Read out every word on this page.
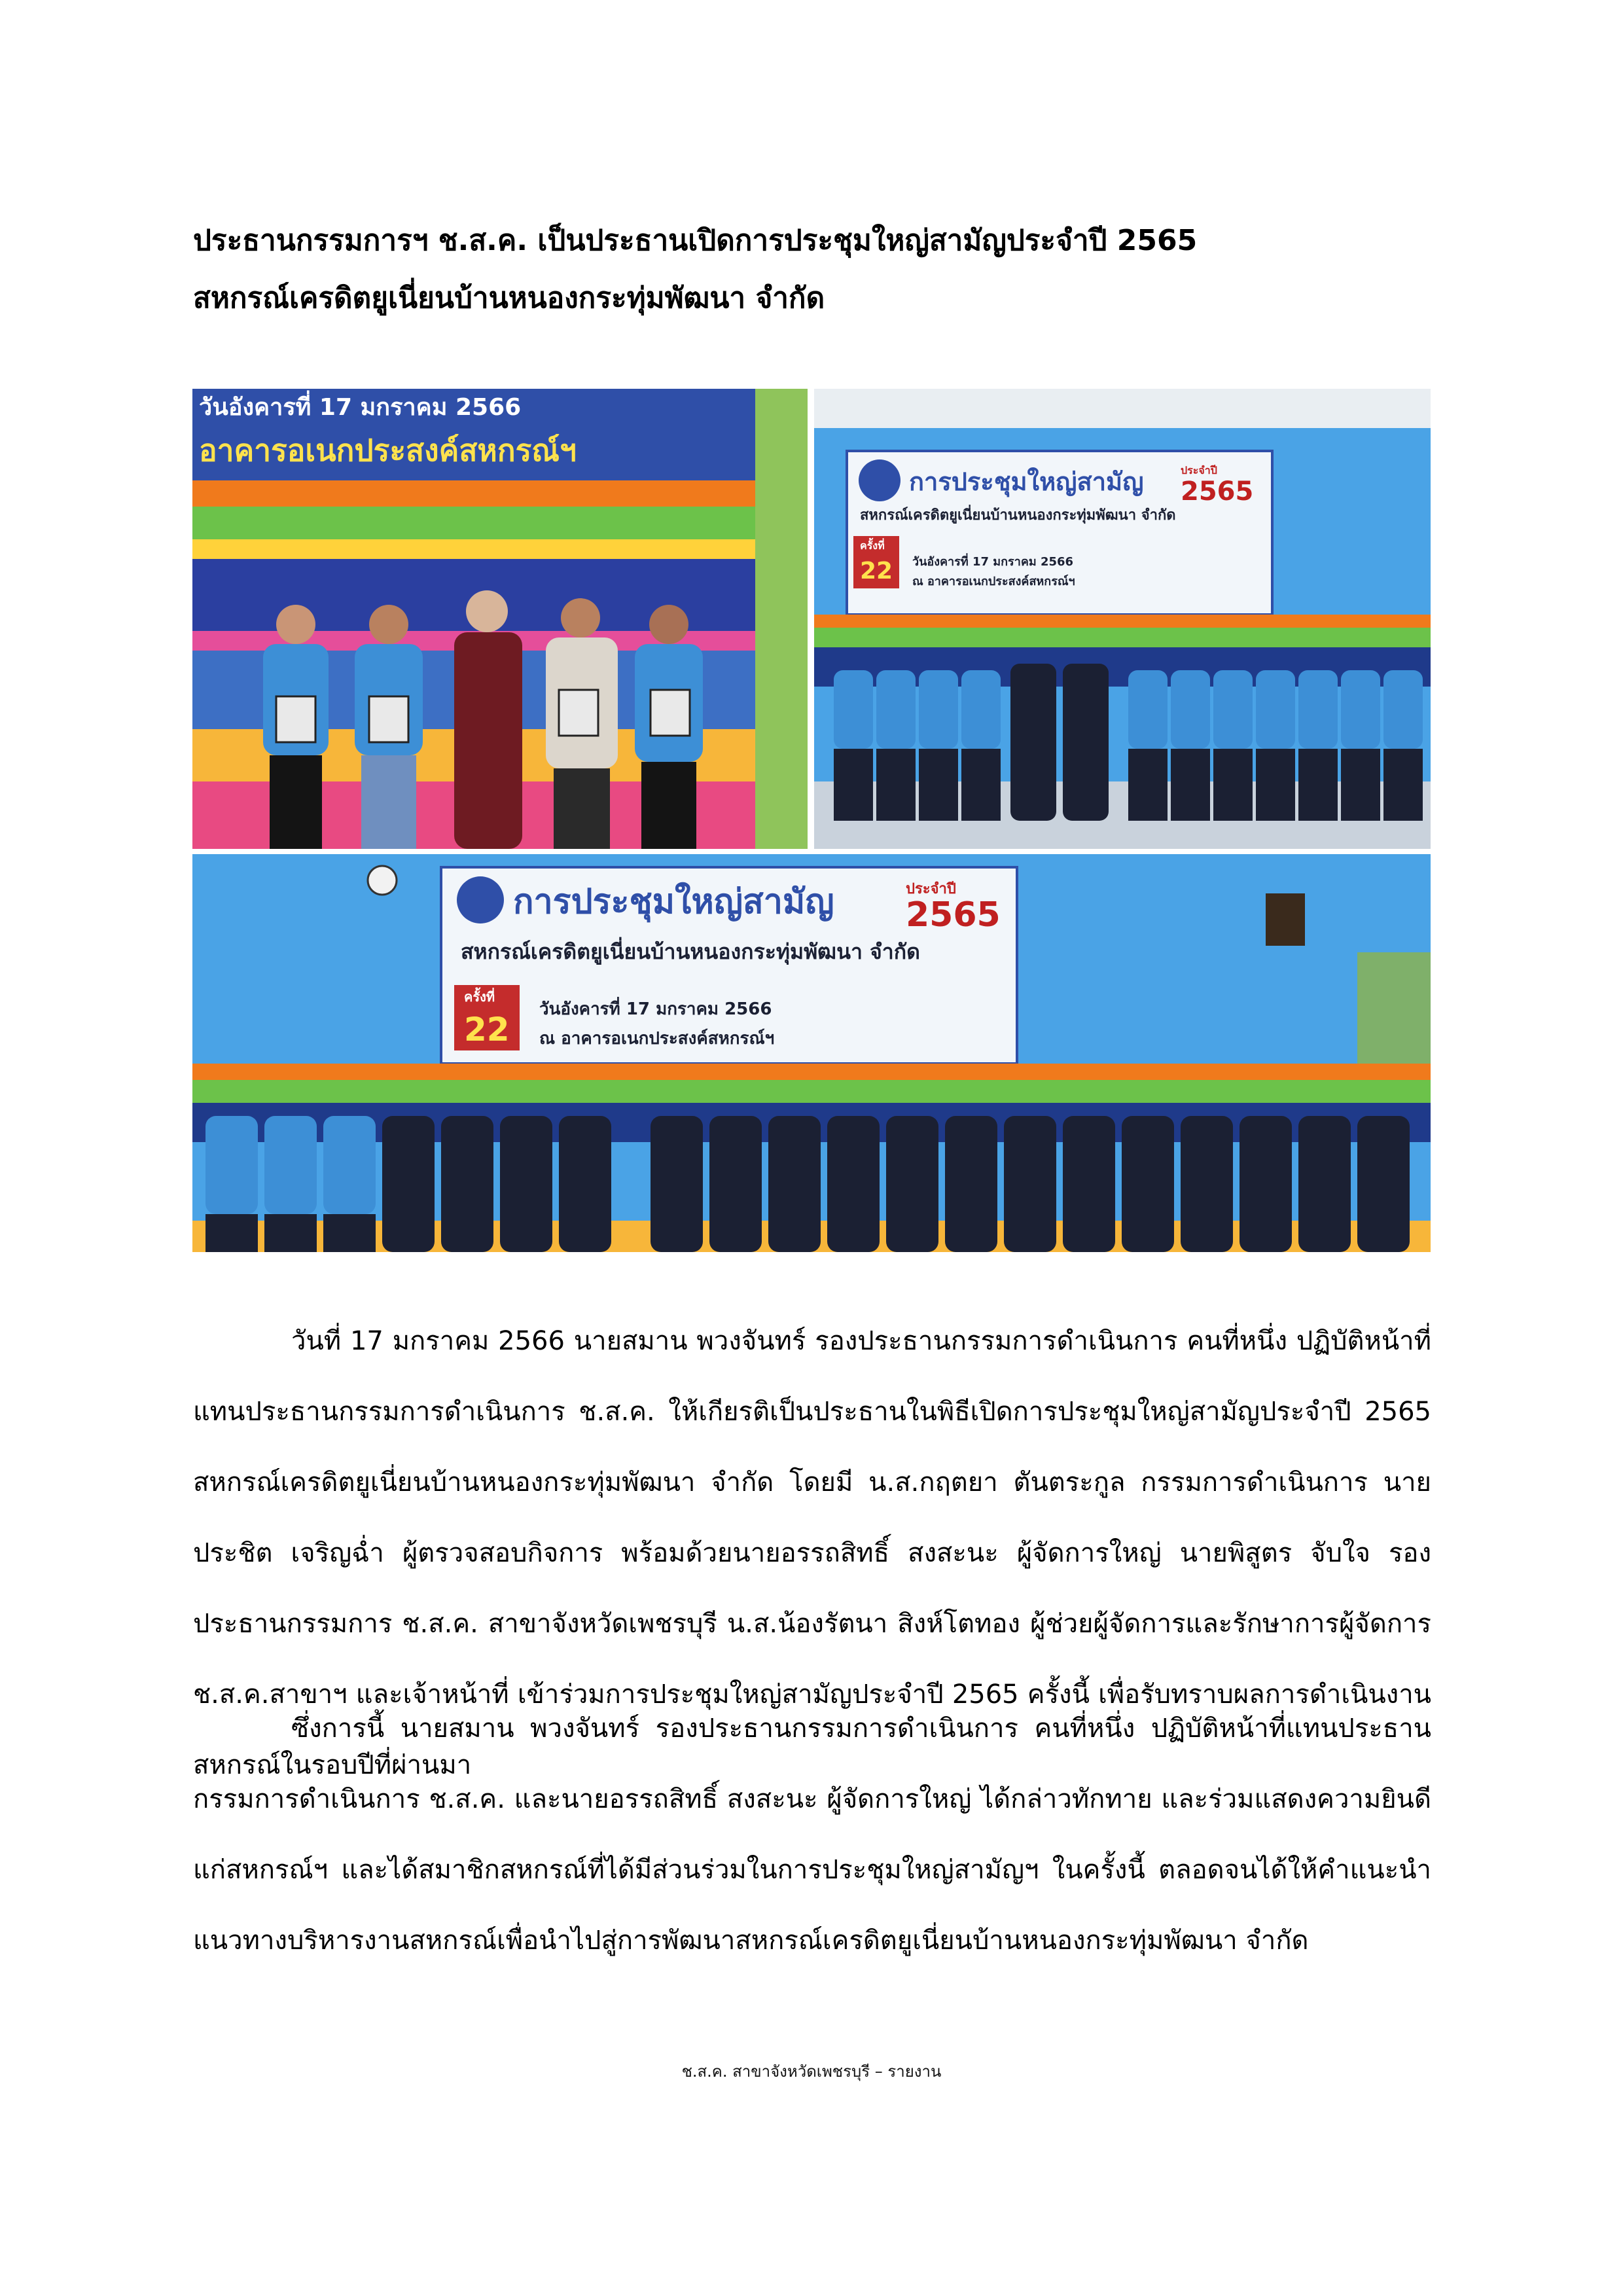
ประธานกรรมการฯ ช.ส.ค. เป็นประธานเปิดการประชุมใหญ่สามัญประจำปี 2565
สหกรณ์เครดิตยูเนี่ยนบ้านหนองกระทุ่มพัฒนา จำกัด
วันอังคารที่ 17 มกราคม 2566
อาคารอเนกประสงค์สหกรณ์ฯ
การประชุมใหญ่สามัญ	ประจำปี
2565
สหกรณ์เครดิตยูเนี่ยนบ้านหนองกระทุ่มพัฒนา จำกัด
ครั้งที่
22 วันอังคารที่ 17 มกราคม 2566
ณ อาคารอเนกประสงค์สหกรณ์ฯ
การประชุมใหญ่สามัญ	ประจำปี
2565
สหกรณ์เครดิตยูเนี่ยนบ้านหนองกระทุ่มพัฒนา จำกัด
ครั้งที่
22
วันอังคารที่ 17 มกราคม 2566
ณ อาคารอเนกประสงค์สหกรณ์ฯ

วันที่ 17 มกราคม 2566 นายสมาน พวงจันทร์ รองประธานกรรมการดำเนินการ คนที่หนึ่ง ปฏิบัติหน้าที่แทนประธานกรรมการดำเนินการ ช.ส.ค. ให้เกียรติเป็นประธานในพิธีเปิดการประชุมใหญ่สามัญประจำปี 2565 สหกรณ์เครดิตยูเนี่ยนบ้านหนองกระทุ่มพัฒนา จำกัด โดยมี น.ส.กฤตยา ตันตระกูล กรรมการดำเนินการ นายประชิต เจริญฉ่ำ ผู้ตรวจสอบกิจการ พร้อมด้วยนายอรรถสิทธิ์ สงสะนะ ผู้จัดการใหญ่ นายพิสูตร จับใจ รองประธานกรรมการ ช.ส.ค. สาขาจังหวัดเพชรบุรี น.ส.น้องรัตนา สิงห์โตทอง ผู้ช่วยผู้จัดการและรักษาการผู้จัดการ ช.ส.ค.สาขาฯ และเจ้าหน้าที่ เข้าร่วมการประชุมใหญ่สามัญประจำปี 2565 ครั้งนี้ เพื่อรับทราบผลการดำเนินงานสหกรณ์ในรอบปีที่ผ่านมา

ซึ่งการนี้ นายสมาน พวงจันทร์ รองประธานกรรมการดำเนินการ คนที่หนึ่ง ปฏิบัติหน้าที่แทนประธานกรรมการดำเนินการ ช.ส.ค. และนายอรรถสิทธิ์ สงสะนะ ผู้จัดการใหญ่ ได้กล่าวทักทาย และร่วมแสดงความยินดีแก่สหกรณ์ฯ และได้สมาชิกสหกรณ์ที่ได้มีส่วนร่วมในการประชุมใหญ่สามัญฯ ในครั้งนี้ ตลอดจนได้ให้คำแนะนำแนวทางบริหารงานสหกรณ์เพื่อนำไปสู่การพัฒนาสหกรณ์เครดิตยูเนี่ยนบ้านหนองกระทุ่มพัฒนา จำกัด

ช.ส.ค. สาขาจังหวัดเพชรบุรี – รายงาน
